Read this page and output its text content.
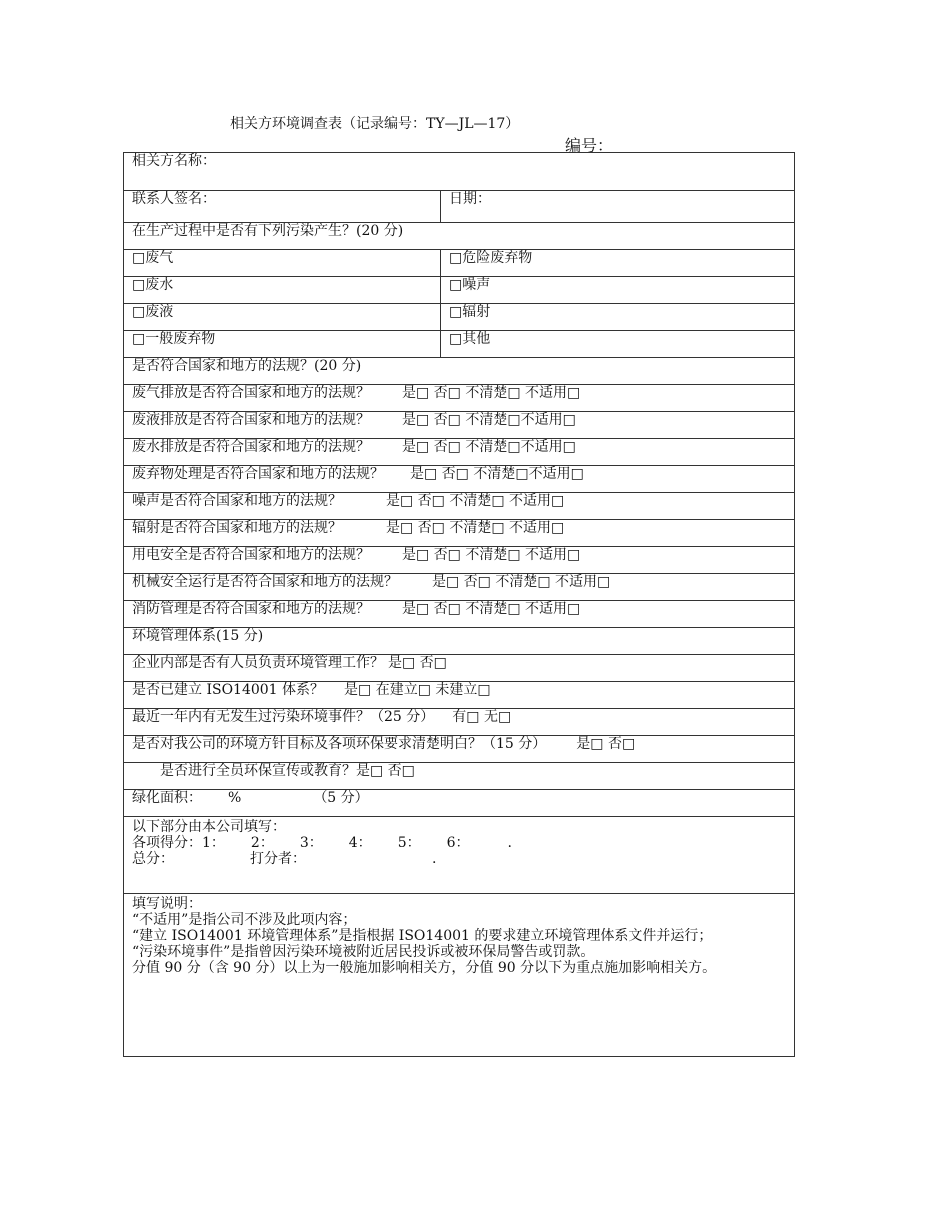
相关方环境调查表（记录编号：TY—JL—17）
编号：
相关方名称：	
联系人签名：	日期：
在生产过程中是否有下列污染产生？(20 分)	
□废气	□危险废弃物
□废水	□噪声
□废液	□辐射
□一般废弃物	□其他
是否符合国家和地方的法规？(20 分)	
废气排放是否符合国家和地方的法规？ 是□ 否□ 不清楚□ 不适用□	
废液排放是否符合国家和地方的法规？ 是□ 否□ 不清楚□不适用□	
废水排放是否符合国家和地方的法规？ 是□ 否□ 不清楚□不适用□	
废弃物处理是否符合国家和地方的法规？ 是□ 否□ 不清楚□不适用□	
噪声是否符合国家和地方的法规？ 是□ 否□ 不清楚□ 不适用□	
辐射是否符合国家和地方的法规？ 是□ 否□ 不清楚□ 不适用□	
用电安全是否符合国家和地方的法规？ 是□ 否□ 不清楚□ 不适用□	
机械安全运行是否符合国家和地方的法规？ 是□ 否□ 不清楚□ 不适用□	
消防管理是否符合国家和地方的法规？ 是□ 否□ 不清楚□ 不适用□	
环境管理体系(15 分)	
企业内部是否有人员负责环境管理工作？ 是□ 否□	
是否已建立 ISO14001 体系？ 是□ 在建立□ 未建立□	
最近一年内有无发生过污染环境事件？（25 分） 有□ 无□	
是否对我公司的环境方针目标及各项环保要求清楚明白？（15 分） 是□ 否□	
是否进行全员环保宣传或教育？是□ 否□	
绿化面积： % （5 分）	

以下部分由本公司填写：
各项得分：1： 2： 3： 4： 5： 6： .
总分： 打分者： .	

填写说明：
“不适用”是指公司不涉及此项内容；
“建立 ISO14001 环境管理体系”是指根据 ISO14001 的要求建立环境管理体系文件并运行；
“污染环境事件”是指曾因污染环境被附近居民投诉或被环保局警告或罚款。
分值 90 分（含 90 分）以上为一般施加影响相关方，分值 90 分以下为重点施加影响相关方。	
